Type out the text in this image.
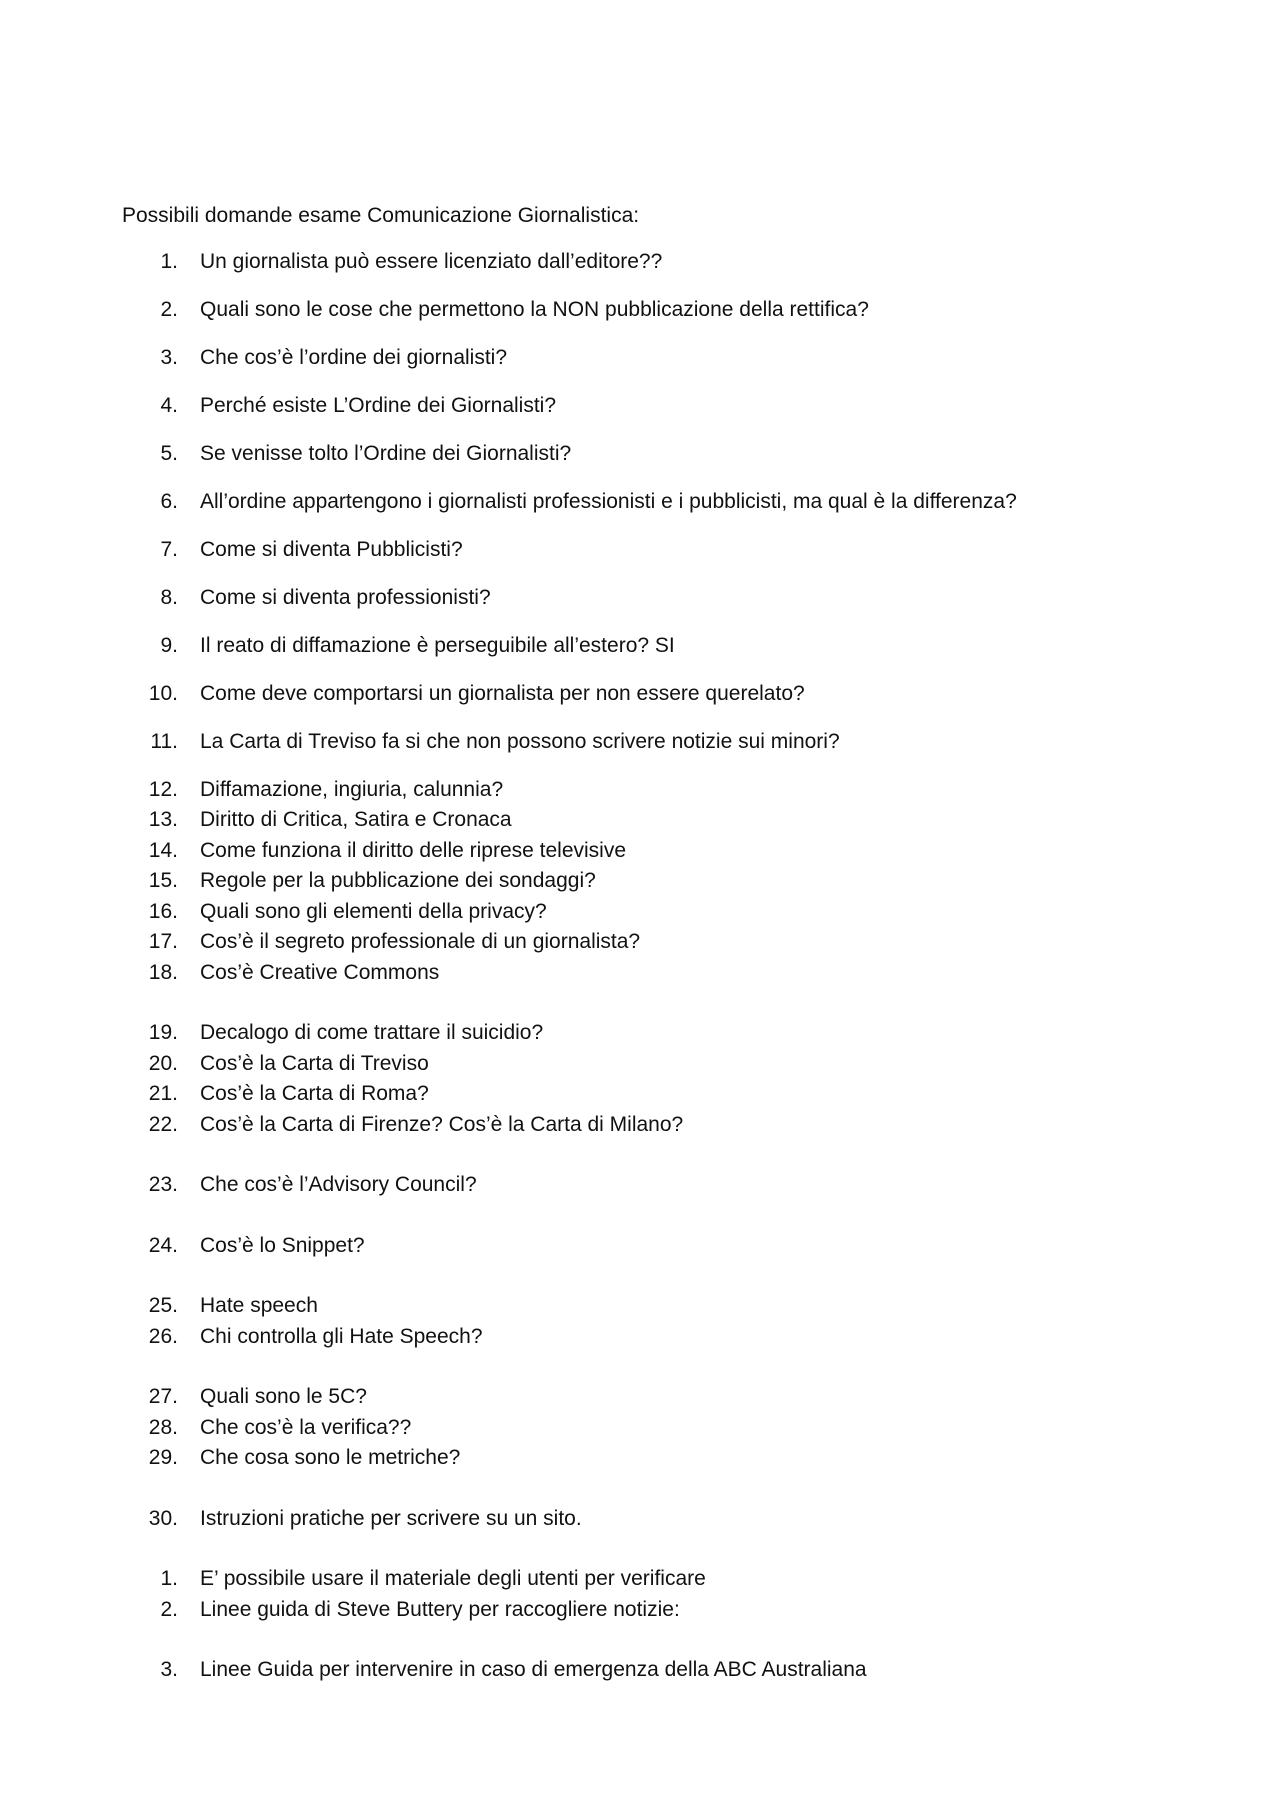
Possibili domande esame Comunicazione Giornalistica:
1. Un giornalista può essere licenziato dall’editore??
2. Quali sono le cose che permettono la NON pubblicazione della rettifica?
3. Che cos’è l’ordine dei giornalisti?
4. Perché esiste L’Ordine dei Giornalisti?
5. Se venisse tolto l’Ordine dei Giornalisti?
6. All’ordine appartengono i giornalisti professionisti e i pubblicisti, ma qual è la differenza?
7. Come si diventa Pubblicisti?
8. Come si diventa professionisti?
9. Il reato di diffamazione è perseguibile all’estero? SI
10. Come deve comportarsi un giornalista per non essere querelato?
11. La Carta di Treviso fa si che non possono scrivere notizie sui minori?
12. Diffamazione, ingiuria, calunnia?
13. Diritto di Critica, Satira e Cronaca
14. Come funziona il diritto delle riprese televisive
15. Regole per la pubblicazione dei sondaggi?
16. Quali sono gli elementi della privacy?
17. Cos’è il segreto professionale di un giornalista?
18. Cos’è Creative Commons
19. Decalogo di come trattare il suicidio?
20. Cos’è la Carta di Treviso
21. Cos’è la Carta di Roma?
22. Cos’è la Carta di Firenze? Cos’è la Carta di Milano?
23. Che cos’è l’Advisory Council?
24. Cos’è lo Snippet?
25. Hate speech
26. Chi controlla gli Hate Speech?
27. Quali sono le 5C?
28. Che cos’è la verifica??
29. Che cosa sono le metriche?
30. Istruzioni pratiche per scrivere su un sito.
1. E’ possibile usare il materiale degli utenti per verificare
2. Linee guida di Steve Buttery per raccogliere notizie:
3. Linee Guida per intervenire in caso di emergenza della ABC Australiana
